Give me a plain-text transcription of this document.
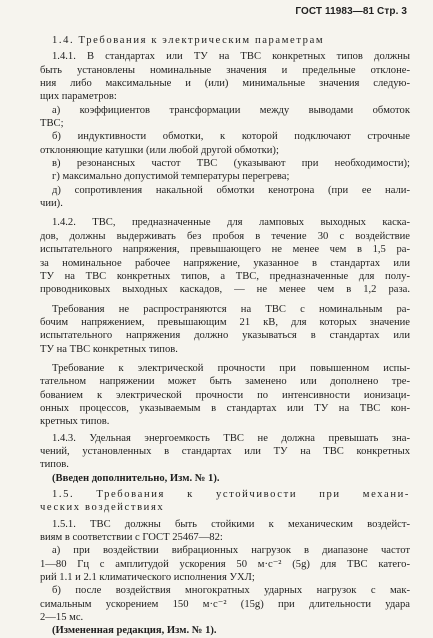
ГОСТ 11983—81 Стр. 3
1.4. Требования к электрическим параметрам
1.4.1. В стандартах или ТУ на ТВС конкретных типов должны
быть установлены номинальные значения и предельные отклоне-
ния либо максимальные и (или) минимальные значения следую-
щих параметров:
а) коэффициентов трансформации между выводами обмоток
ТВС;
б) индуктивности обмотки, к которой подключают строчные
отклоняющие катушки (или любой другой обмотки);
в) резонансных частот ТВС (указывают при необходимости);
г) максимально допустимой температуры перегрева;
д) сопротивления накальной обмотки кенотрона (при ее нали-
чии).
1.4.2. ТВС, предназначенные для ламповых выходных каска-
дов, должны выдерживать без пробоя в течение 30 с воздействие
испытательного напряжения, превышающего не менее чем в 1,5 ра-
за номинальное рабочее напряжение, указанное в стандартах или
ТУ на ТВС конкретных типов, а ТВС, предназначенные для полу-
проводниковых выходных каскадов, — не менее чем в 1,2 раза.
Требования не распространяются на ТВС с номинальным ра-
бочим напряжением, превышающим 21 кВ, для которых значение
испытательного напряжения должно указываться в стандартах или
ТУ на ТВС конкретных типов.
Требование к электрической прочности при повышенном испы-
тательном напряжении может быть заменено или дополнено тре-
бованием к электрической прочности по интенсивности ионизаци-
онных процессов, указываемым в стандартах или ТУ на ТВС кон-
кретных типов.
1.4.3. Удельная энергоемкость ТВС не должна превышать зна-
чений, установленных в стандартах или ТУ на ТВС конкретных
типов.
(Введен дополнительно, Изм. № 1).
1.5. Требования к устойчивости при механи-
ческих воздействиях
1.5.1. ТВС должны быть стойкими к механическим воздейст-
виям в соответствии с ГОСТ 25467—82:
а) при воздействии вибрационных нагрузок в диапазоне частот
1—80 Гц с амплитудой ускорения 50 м·с⁻² (5g) для ТВС катего-
рий 1.1 и 2.1 климатического исполнения УХЛ;
б) после воздействия многократных ударных нагрузок с мак-
симальным ускорением 150 м·с⁻² (15g) при длительности удара
2—15 мс.
(Измененная редакция, Изм. № 1).
